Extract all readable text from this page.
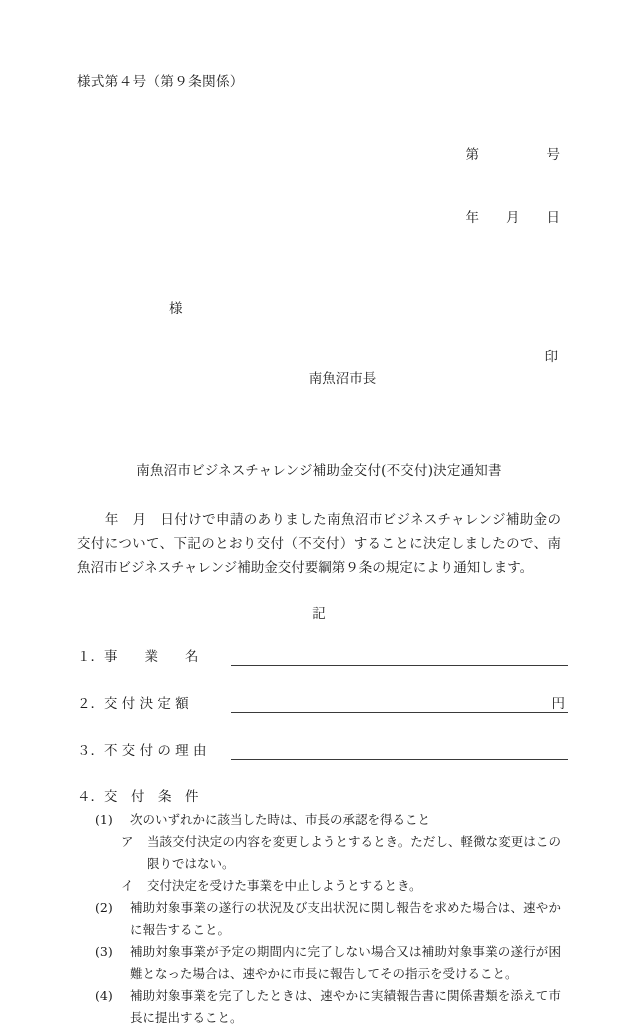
様式第４号（第９条関係）

第　　　　　号

年　　月　　日

様

南魚沼市長

印

南魚沼市ビジネスチャレンジ補助金交付(不交付)決定通知書
　年　月　日付けで申請のありました南魚沼市ビジネスチャレンジ補助金の交付について、下記のとおり交付（不交付）することに決定しましたので、南魚沼市ビジネスチャレンジ補助金交付要綱第９条の規定により通知します。
記
１．事　　業　　名
２．交 付 決 定 額	円
３．不 交 付 の 理 由
４．交　付　条　件
(1) 次のいずれかに該当した時は、市長の承認を得ること
ア 当該交付決定の内容を変更しようとするとき。ただし、軽微な変更はこの限りではない。
イ 交付決定を受けた事業を中止しようとするとき。
(2) 補助対象事業の遂行の状況及び支出状況に関し報告を求めた場合は、速やかに報告すること。
(3) 補助対象事業が予定の期間内に完了しない場合又は補助対象事業の遂行が困難となった場合は、速やかに市長に報告してその指示を受けること。
(4) 補助対象事業を完了したときは、速やかに実績報告書に関係書類を添えて市長に提出すること。
